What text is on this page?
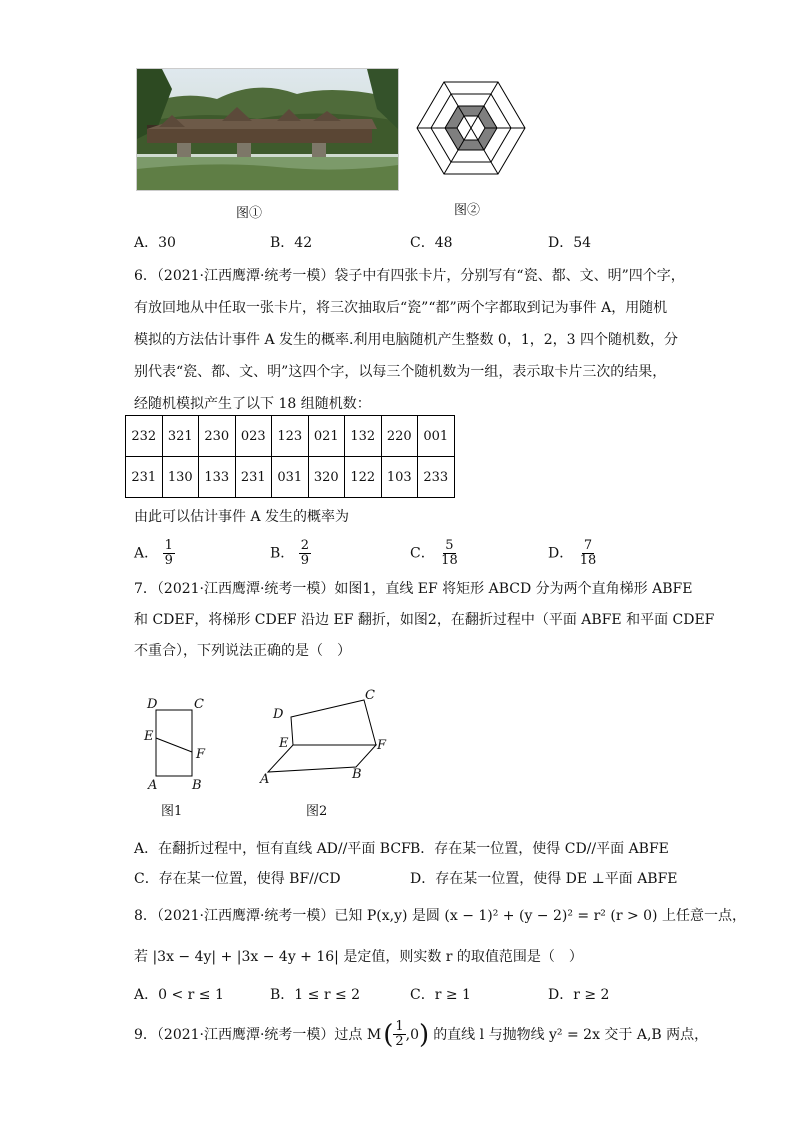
图①	图②
A．30	B．42	C．48	D．54
6．（2021·江西鹰潭·统考一模）袋子中有四张卡片，分别写有“瓷、都、文、明”四个字，
有放回地从中任取一张卡片，将三次抽取后“瓷”“都”两个字都取到记为事件 A，用随机
模拟的方法估计事件 A 发生的概率.利用电脑随机产生整数 0，1，2，3 四个随机数，分
别代表“瓷、都、文、明”这四个字，以每三个随机数为一组，表示取卡片三次的结果，
经随机模拟产生了以下 18 组随机数：
232	321	230	023	123	021	132	220	001
231	130	133	231	031	320	122	103	233
由此可以估计事件 A 发生的概率为
A． $\frac{1}{9}$	B． $\frac{2}{9}$	C． $\frac{5}{18}$	D． $\frac{7}{18}$
7．（2021·江西鹰潭·统考一模）如图1，直线 EF 将矩形 ABCD 分为两个直角梯形 ABFE
和 CDEF，将梯形 CDEF 沿边 EF 翻折，如图2，在翻折过程中（平面 ABFE 和平面 CDEF
不重合），下列说法正确的是（　）
D	C
E
F
A	B
图1
C
D
E	F
A	B
图2
A．在翻折过程中，恒有直线 AD//平面 BCF B．存在某一位置，使得 CD//平面 ABFE
C．存在某一位置，使得 BF//CD	D．存在某一位置，使得 DE ⊥平面 ABFE
8．（2021·江西鹰潭·统考一模）已知 P(x,y) 是圆 (x − 1)² + (y − 2)² = r² (r > 0) 上任意一点，
若 |3x − 4y| + |3x − 4y + 16| 是定值，则实数 r 的取值范围是（　）
A．0 < r ≤ 1	B．1 ≤ r ≤ 2	C．r ≥ 1	D．r ≥ 2
9．（2021·江西鹰潭·统考一模）过点 M ( $\frac{1}{2} ,0$ ) 的直线 l 与抛物线 y² = 2x 交于 A,B 两点，
